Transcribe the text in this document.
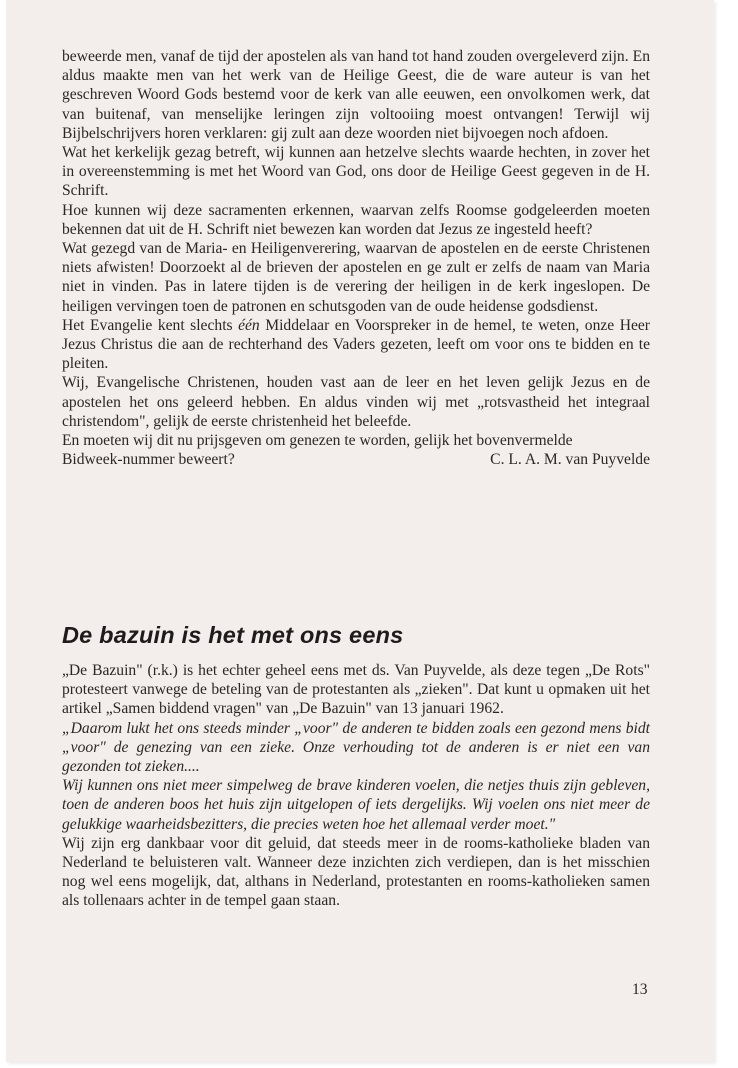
beweerde men, vanaf de tijd der apostelen als van hand tot hand zouden overgeleverd zijn. En aldus maakte men van het werk van de Heilige Geest, die de ware auteur is van het geschreven Woord Gods bestemd voor de kerk van alle eeuwen, een onvolkomen werk, dat van buitenaf, van menselijke leringen zijn voltooiing moest ontvangen! Terwijl wij Bijbelschrijvers horen verklaren: gij zult aan deze woorden niet bijvoegen noch afdoen.

Wat het kerkelijk gezag betreft, wij kunnen aan hetzelve slechts waarde hechten, in zover het in overeenstemming is met het Woord van God, ons door de Heilige Geest gegeven in de H. Schrift.

Hoe kunnen wij deze sacramenten erkennen, waarvan zelfs Roomse godgeleerden moeten bekennen dat uit de H. Schrift niet bewezen kan worden dat Jezus ze ingesteld heeft?

Wat gezegd van de Maria- en Heiligenverering, waarvan de apostelen en de eerste Christenen niets afwisten! Doorzoekt al de brieven der apostelen en ge zult er zelfs de naam van Maria niet in vinden. Pas in latere tijden is de verering der heiligen in de kerk ingeslopen. De heiligen vervingen toen de patronen en schutsgoden van de oude heidense godsdienst.

Het Evangelie kent slechts één Middelaar en Voorspreker in de hemel, te weten, onze Heer Jezus Christus die aan de rechterhand des Vaders gezeten, leeft om voor ons te bidden en te pleiten.

Wij, Evangelische Christenen, houden vast aan de leer en het leven gelijk Jezus en de apostelen het ons geleerd hebben. En aldus vinden wij met „rotsvastheid het integraal christendom", gelijk de eerste christenheid het beleefde.

En moeten wij dit nu prijsgeven om genezen te worden, gelijk het bovenvermelde

Bidweek-nummer beweert?	C. L. A. M. van Puyvelde
De bazuin is het met ons eens

„De Bazuin" (r.k.) is het echter geheel eens met ds. Van Puyvelde, als deze tegen „De Rots" protesteert vanwege de beteling van de protestanten als „zieken". Dat kunt u opmaken uit het artikel „Samen biddend vragen" van „De Bazuin" van 13 januari 1962.

„Daarom lukt het ons steeds minder „voor" de anderen te bidden zoals een gezond mens bidt „voor" de genezing van een zieke. Onze verhouding tot de anderen is er niet een van gezonden tot zieken....

Wij kunnen ons niet meer simpelweg de brave kinderen voelen, die netjes thuis zijn gebleven, toen de anderen boos het huis zijn uitgelopen of iets dergelijks. Wij voelen ons niet meer de gelukkige waarheidsbezitters, die precies weten hoe het allemaal verder moet."

Wij zijn erg dankbaar voor dit geluid, dat steeds meer in de rooms-katholieke bladen van Nederland te beluisteren valt. Wanneer deze inzichten zich verdiepen, dan is het misschien nog wel eens mogelijk, dat, althans in Nederland, protestanten en rooms-katholieken samen als tollenaars achter in de tempel gaan staan.

13
